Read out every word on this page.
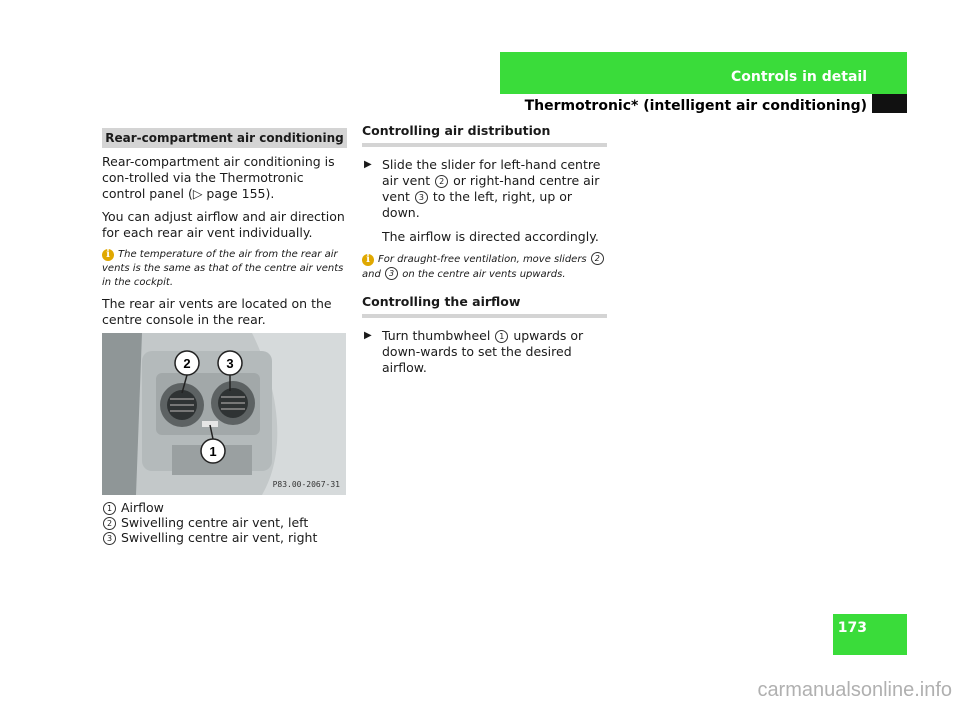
Controls in detail
Thermotronic* (intelligent air conditioning)
Rear-compartment air conditioning

Rear-compartment air conditioning is con-trolled via the Thermotronic control panel (▷ page 155).

You can adjust airflow and air direction for each rear air vent individually.

i The temperature of the air from the rear air vents is the same as that of the centre air vents in the cockpit.

The rear air vents are located on the centre console in the rear.

2	3
1
P83.00-2067-31
1 Airflow
2 Swivelling centre air vent, left
3 Swivelling centre air vent, right
Controlling air distribution
▶ Slide the slider for left-hand centre air vent 2 or right-hand centre air vent 3 to the left, right, up or down.

The airflow is directed accordingly.

i For draught-free ventilation, move sliders 2 and 3 on the centre air vents upwards.
Controlling the airflow
▶ Turn thumbwheel 1 upwards or down-wards to set the desired airflow.
173
carmanualsonline.info
